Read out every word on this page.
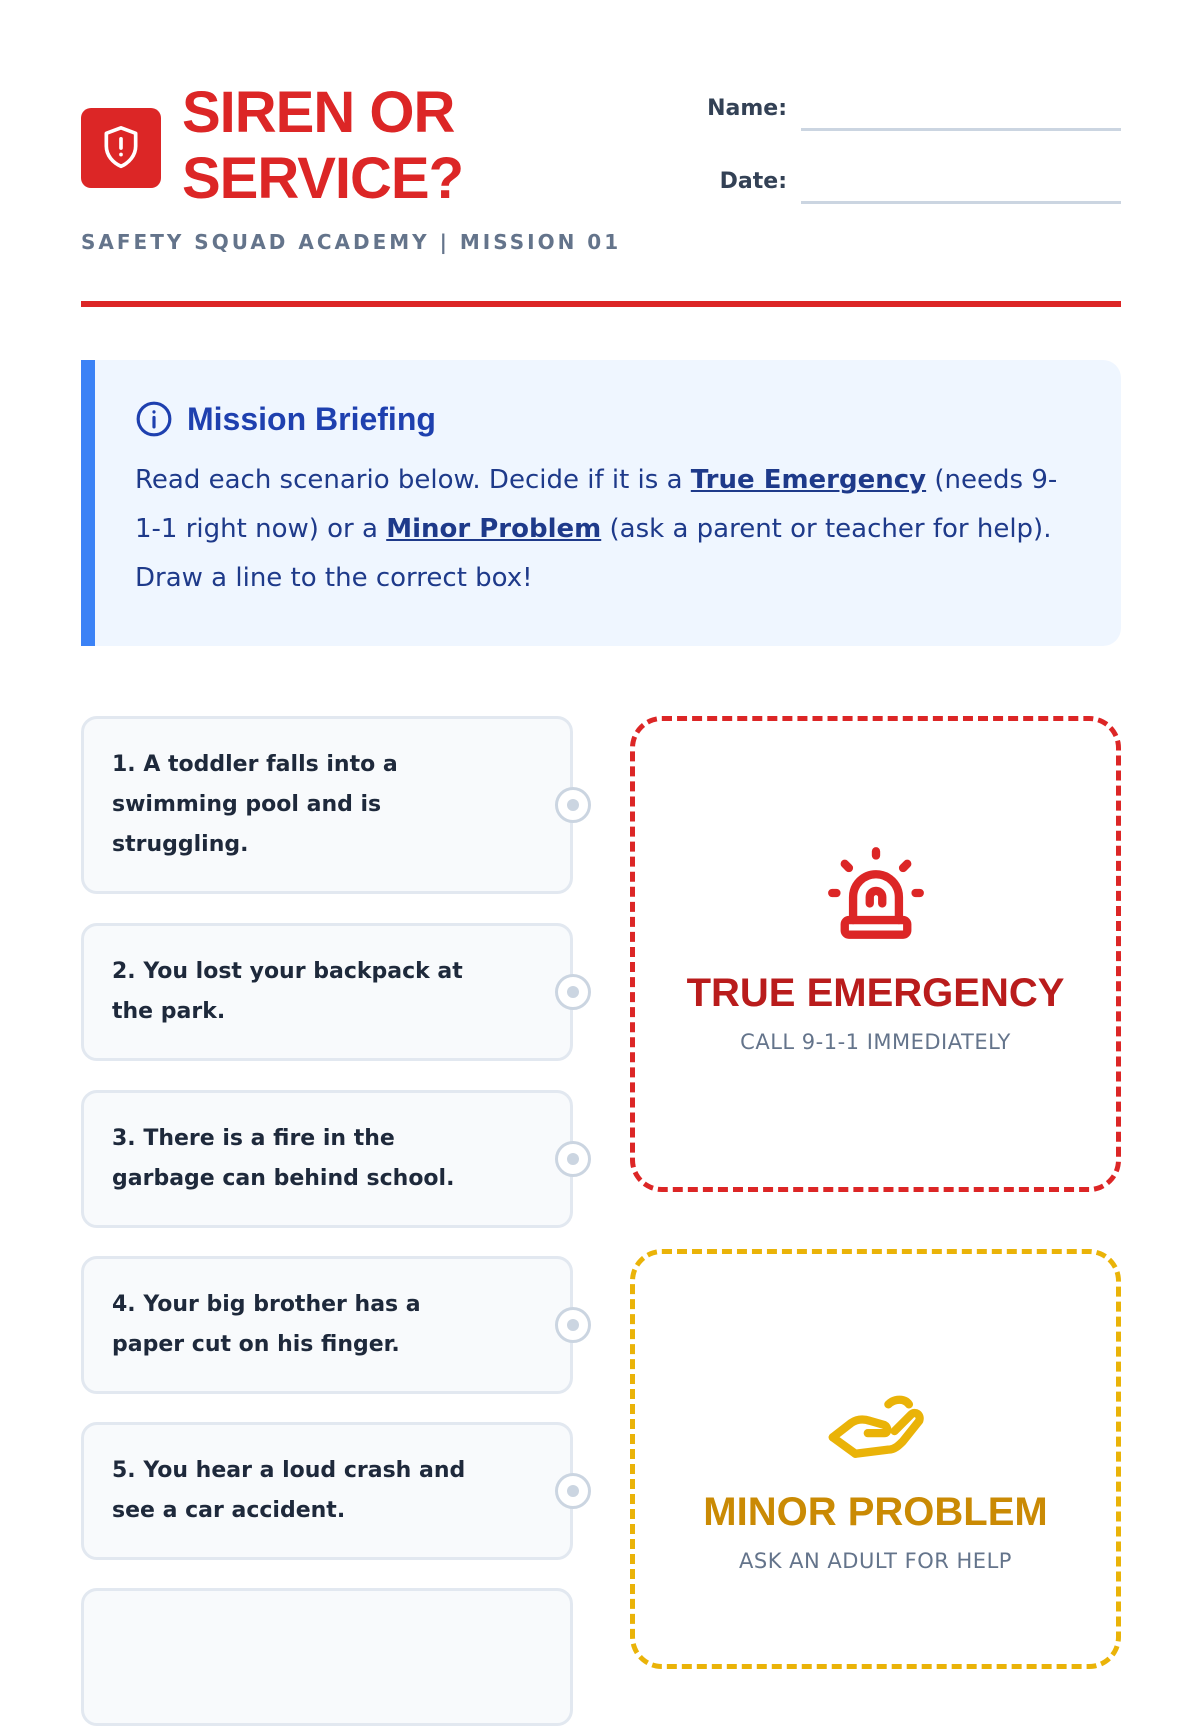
SIREN OR
SERVICE?
SAFETY SQUAD ACADEMY | MISSION 01
Name:
Date:
Mission Briefing

Read each scenario below. Decide if it is a True Emergency (needs 9-1-1 right now) or a Minor Problem (ask a parent or teacher for help). Draw a line to the correct box!

1. A toddler falls into a swimming pool and is struggling.
2. You lost your backpack at the park.
3. There is a fire in the garbage can behind school.
4. Your big brother has a paper cut on his finger.
5. You hear a loud crash and see a car accident.
TRUE EMERGENCY
CALL 9-1-1 IMMEDIATELY
MINOR PROBLEM
ASK AN ADULT FOR HELP
